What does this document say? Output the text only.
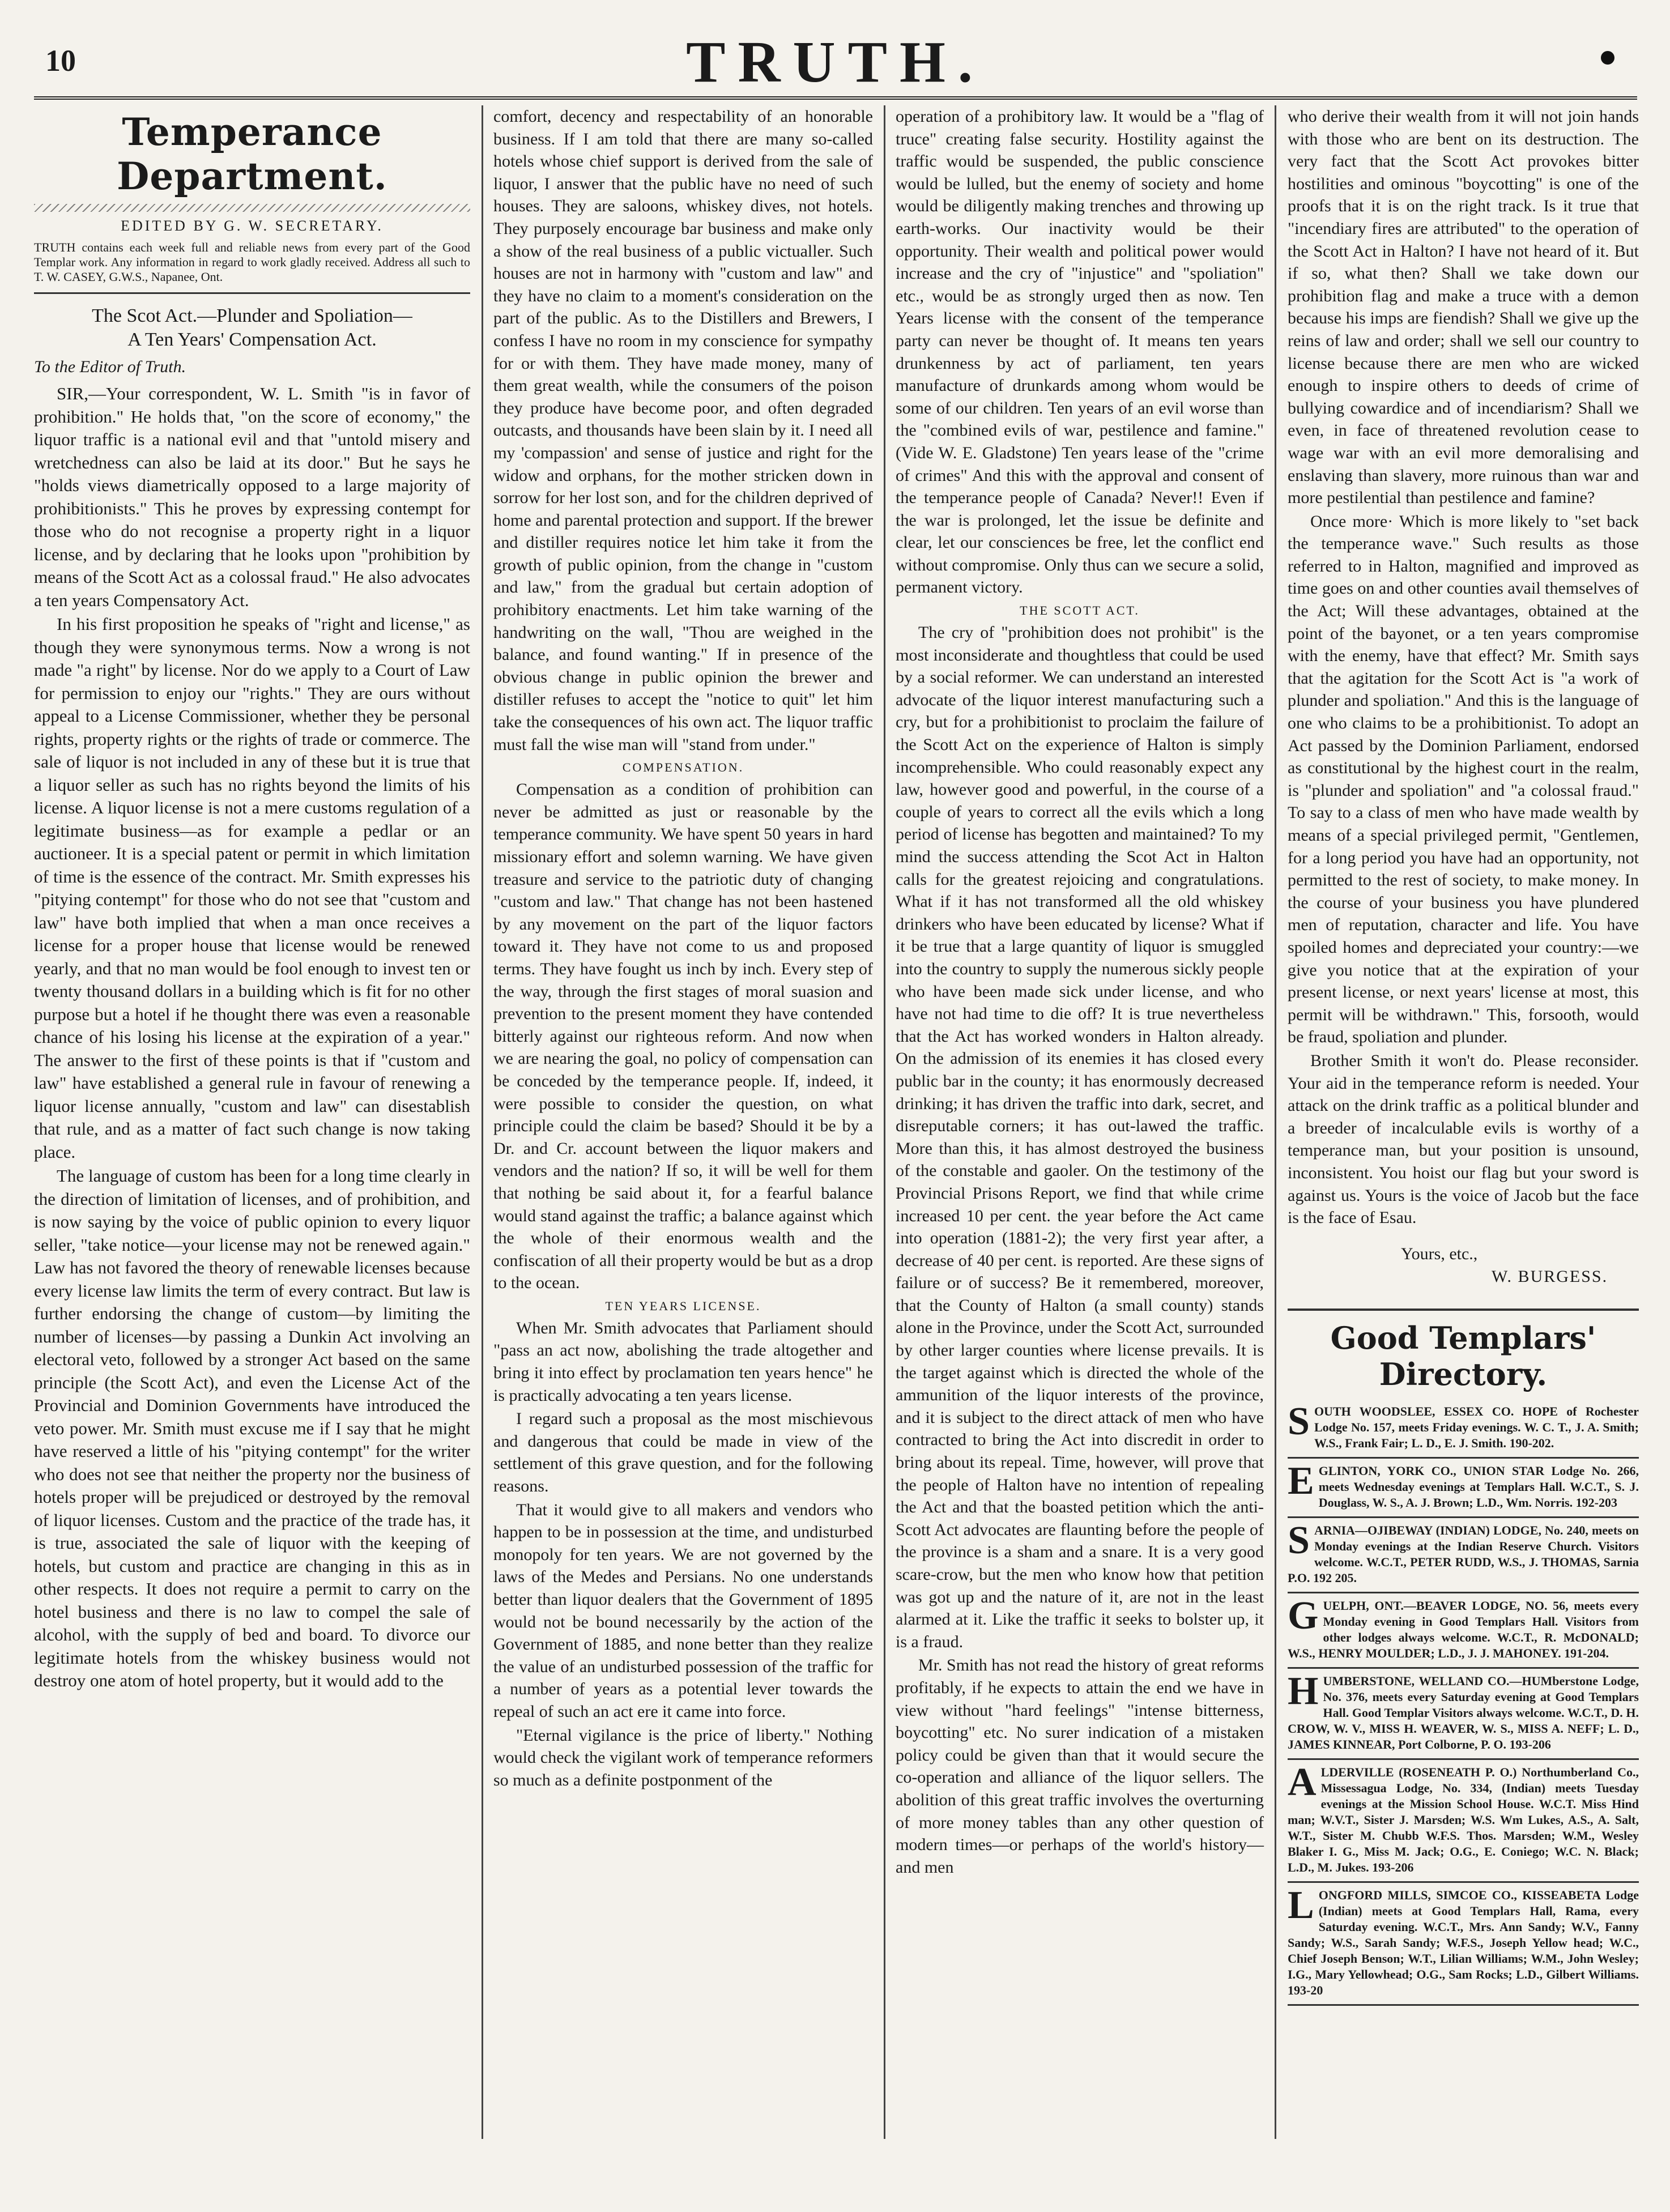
10	TRUTH.
Temperance Department.
EDITED BY G. W. SECRETARY.
TRUTH contains each week full and reliable news from every part of the Good Templar work. Any information in regard to work gladly received. Address all such to T. W. CASEY, G.W.S., Napanee, Ont.
The Scot Act.—Plunder and Spoliation—
A Ten Years' Compensation Act.
To the Editor of Truth.

SIR,—Your correspondent, W. L. Smith "is in favor of prohibition." He holds that, "on the score of economy," the liquor traffic is a national evil and that "untold misery and wretchedness can also be laid at its door." But he says he "holds views diametrically opposed to a large majority of prohibitionists." This he proves by expressing contempt for those who do not recognise a property right in a liquor license, and by declaring that he looks upon "prohibition by means of the Scott Act as a colossal fraud." He also advocates a ten years Compensatory Act.

In his first proposition he speaks of "right and license," as though they were synonymous terms. Now a wrong is not made "a right" by license. Nor do we apply to a Court of Law for permission to enjoy our "rights." They are ours without appeal to a License Commissioner, whether they be personal rights, property rights or the rights of trade or commerce. The sale of liquor is not included in any of these but it is true that a liquor seller as such has no rights beyond the limits of his license. A liquor license is not a mere customs regulation of a legitimate business—as for example a pedlar or an auctioneer. It is a special patent or permit in which limitation of time is the essence of the contract. Mr. Smith expresses his "pitying contempt" for those who do not see that "custom and law" have both implied that when a man once receives a license for a proper house that license would be renewed yearly, and that no man would be fool enough to invest ten or twenty thousand dollars in a building which is fit for no other purpose but a hotel if he thought there was even a reasonable chance of his losing his license at the expiration of a year." The answer to the first of these points is that if "custom and law" have established a general rule in favour of renewing a liquor license annually, "custom and law" can disestablish that rule, and as a matter of fact such change is now taking place.

The language of custom has been for a long time clearly in the direction of limitation of licenses, and of prohibition, and is now saying by the voice of public opinion to every liquor seller, "take notice—your license may not be renewed again." Law has not favored the theory of renewable licenses because every license law limits the term of every contract. But law is further endorsing the change of custom—by limiting the number of licenses—by passing a Dunkin Act involving an electoral veto, followed by a stronger Act based on the same principle (the Scott Act), and even the License Act of the Provincial and Dominion Governments have introduced the veto power. Mr. Smith must excuse me if I say that he might have reserved a little of his "pitying contempt" for the writer who does not see that neither the property nor the business of hotels proper will be prejudiced or destroyed by the removal of liquor licenses. Custom and the practice of the trade has, it is true, associated the sale of liquor with the keeping of hotels, but custom and practice are changing in this as in other respects. It does not require a permit to carry on the hotel business and there is no law to compel the sale of alcohol, with the supply of bed and board. To divorce our legitimate hotels from the whiskey business would not destroy one atom of hotel property, but it would add to the

comfort, decency and respectability of an honorable business. If I am told that there are many so-called hotels whose chief support is derived from the sale of liquor, I answer that the public have no need of such houses. They are saloons, whiskey dives, not hotels. They purposely encourage bar business and make only a show of the real business of a public victualler. Such houses are not in harmony with "custom and law" and they have no claim to a moment's consideration on the part of the public. As to the Distillers and Brewers, I confess I have no room in my conscience for sympathy for or with them. They have made money, many of them great wealth, while the consumers of the poison they produce have become poor, and often degraded outcasts, and thousands have been slain by it. I need all my 'compassion' and sense of justice and right for the widow and orphans, for the mother stricken down in sorrow for her lost son, and for the children deprived of home and parental protection and support. If the brewer and distiller requires notice let him take it from the growth of public opinion, from the change in "custom and law," from the gradual but certain adoption of prohibitory enactments. Let him take warning of the handwriting on the wall, "Thou are weighed in the balance, and found wanting." If in presence of the obvious change in public opinion the brewer and distiller refuses to accept the "notice to quit" let him take the consequences of his own act. The liquor traffic must fall the wise man will "stand from under."

COMPENSATION.

Compensation as a condition of prohibition can never be admitted as just or reasonable by the temperance community. We have spent 50 years in hard missionary effort and solemn warning. We have given treasure and service to the patriotic duty of changing "custom and law." That change has not been hastened by any movement on the part of the liquor factors toward it. They have not come to us and proposed terms. They have fought us inch by inch. Every step of the way, through the first stages of moral suasion and prevention to the present moment they have contended bitterly against our righteous reform. And now when we are nearing the goal, no policy of compensation can be conceded by the temperance people. If, indeed, it were possible to consider the question, on what principle could the claim be based? Should it be by a Dr. and Cr. account between the liquor makers and vendors and the nation? If so, it will be well for them that nothing be said about it, for a fearful balance would stand against the traffic; a balance against which the whole of their enormous wealth and the confiscation of all their property would be but as a drop to the ocean.

TEN YEARS LICENSE.

When Mr. Smith advocates that Parliament should "pass an act now, abolishing the trade altogether and bring it into effect by proclamation ten years hence" he is practically advocating a ten years license.

I regard such a proposal as the most mischievous and dangerous that could be made in view of the settlement of this grave question, and for the following reasons.

That it would give to all makers and vendors who happen to be in possession at the time, and undisturbed monopoly for ten years. We are not governed by the laws of the Medes and Persians. No one understands better than liquor dealers that the Government of 1895 would not be bound necessarily by the action of the Government of 1885, and none better than they realize the value of an undisturbed possession of the traffic for a number of years as a potential lever towards the repeal of such an act ere it came into force.

"Eternal vigilance is the price of liberty." Nothing would check the vigilant work of temperance reformers so much as a definite postponment of the

operation of a prohibitory law. It would be a "flag of truce" creating false security. Hostility against the traffic would be suspended, the public conscience would be lulled, but the enemy of society and home would be diligently making trenches and throwing up earth-works. Our inactivity would be their opportunity. Their wealth and political power would increase and the cry of "injustice" and "spoliation" etc., would be as strongly urged then as now. Ten Years license with the consent of the temperance party can never be thought of. It means ten years drunkenness by act of parliament, ten years manufacture of drunkards among whom would be some of our children. Ten years of an evil worse than the "combined evils of war, pestilence and famine." (Vide W. E. Gladstone) Ten years lease of the "crime of crimes" And this with the approval and consent of the temperance people of Canada? Never!! Even if the war is prolonged, let the issue be definite and clear, let our consciences be free, let the conflict end without compromise. Only thus can we secure a solid, permanent victory.

THE SCOTT ACT.

The cry of "prohibition does not prohibit" is the most inconsiderate and thoughtless that could be used by a social reformer. We can understand an interested advocate of the liquor interest manufacturing such a cry, but for a prohibitionist to proclaim the failure of the Scott Act on the experience of Halton is simply incomprehensible. Who could reasonably expect any law, however good and powerful, in the course of a couple of years to correct all the evils which a long period of license has begotten and maintained? To my mind the success attending the Scot Act in Halton calls for the greatest rejoicing and congratulations. What if it has not transformed all the old whiskey drinkers who have been educated by license? What if it be true that a large quantity of liquor is smuggled into the country to supply the numerous sickly people who have been made sick under license, and who have not had time to die off? It is true nevertheless that the Act has worked wonders in Halton already. On the admission of its enemies it has closed every public bar in the county; it has enormously decreased drinking; it has driven the traffic into dark, secret, and disreputable corners; it has out-lawed the traffic. More than this, it has almost destroyed the business of the constable and gaoler. On the testimony of the Provincial Prisons Report, we find that while crime increased 10 per cent. the year before the Act came into operation (1881-2); the very first year after, a decrease of 40 per cent. is reported. Are these signs of failure or of success? Be it remembered, moreover, that the County of Halton (a small county) stands alone in the Province, under the Scott Act, surrounded by other larger counties where license prevails. It is the target against which is directed the whole of the ammunition of the liquor interests of the province, and it is subject to the direct attack of men who have contracted to bring the Act into discredit in order to bring about its repeal. Time, however, will prove that the people of Halton have no intention of repealing the Act and that the boasted petition which the anti-Scott Act advocates are flaunting before the people of the province is a sham and a snare. It is a very good scare-crow, but the men who know how that petition was got up and the nature of it, are not in the least alarmed at it. Like the traffic it seeks to bolster up, it is a fraud.

Mr. Smith has not read the history of great reforms profitably, if he expects to attain the end we have in view without "hard feelings" "intense bitterness, boycotting" etc. No surer indication of a mistaken policy could be given than that it would secure the co-operation and alliance of the liquor sellers. The abolition of this great traffic involves the overturning of more money tables than any other question of modern times—or perhaps of the world's history—and men

who derive their wealth from it will not join hands with those who are bent on its destruction. The very fact that the Scott Act provokes bitter hostilities and ominous "boycotting" is one of the proofs that it is on the right track. Is it true that "incendiary fires are attributed" to the operation of the Scott Act in Halton? I have not heard of it. But if so, what then? Shall we take down our prohibition flag and make a truce with a demon because his imps are fiendish? Shall we give up the reins of law and order; shall we sell our country to license because there are men who are wicked enough to inspire others to deeds of crime of bullying cowardice and of incendiarism? Shall we even, in face of threatened revolution cease to wage war with an evil more demoralising and enslaving than slavery, more ruinous than war and more pestilential than pestilence and famine?

Once more· Which is more likely to "set back the temperance wave." Such results as those referred to in Halton, magnified and improved as time goes on and other counties avail themselves of the Act; Will these advantages, obtained at the point of the bayonet, or a ten years compromise with the enemy, have that effect? Mr. Smith says that the agitation for the Scott Act is "a work of plunder and spoliation." And this is the language of one who claims to be a prohibitionist. To adopt an Act passed by the Dominion Parliament, endorsed as constitutional by the highest court in the realm, is "plunder and spoliation" and "a colossal fraud." To say to a class of men who have made wealth by means of a special privileged permit, "Gentlemen, for a long period you have had an opportunity, not permitted to the rest of society, to make money. In the course of your business you have plundered men of reputation, character and life. You have spoiled homes and depreciated your country:—we give you notice that at the expiration of your present license, or next years' license at most, this permit will be withdrawn." This, forsooth, would be fraud, spoliation and plunder.

Brother Smith it won't do. Please reconsider. Your aid in the temperance reform is needed. Your attack on the drink traffic as a political blunder and a breeder of incalculable evils is worthy of a temperance man, but your position is unsound, inconsistent. You hoist our flag but your sword is against us. Yours is the voice of Jacob but the face is the face of Esau.

Yours, etc.,
W. BURGESS.
Good Templars' Directory.

SOUTH WOODSLEE, ESSEX CO. HOPE of Rochester Lodge No. 157, meets Friday evenings. W. C. T., J. A. Smith; W.S., Frank Fair; L. D., E. J. Smith. 190-202.

EGLINTON, YORK CO., UNION STAR Lodge No. 266, meets Wednesday evenings at Templars Hall. W.C.T., S. J. Douglass, W. S., A. J. Brown; L.D., Wm. Norris. 192-203

SARNIA—OJIBEWAY (INDIAN) LODGE, No. 240, meets on Monday evenings at the Indian Reserve Church. Visitors welcome. W.C.T., PETER RUDD, W.S., J. THOMAS, Sarnia P.O. 192 205.

GUELPH, ONT.—BEAVER LODGE, NO. 56, meets every Monday evening in Good Templars Hall. Visitors from other lodges always welcome. W.C.T., R. McDONALD; W.S., HENRY MOULDER; L.D., J. J. MAHONEY. 191-204.

HUMBERSTONE, WELLAND CO.—HUMberstone Lodge, No. 376, meets every Saturday evening at Good Templars Hall. Good Templar Visitors always welcome. W.C.T., D. H. CROW, W. V., MISS H. WEAVER, W. S., MISS A. NEFF; L. D., JAMES KINNEAR, Port Colborne, P. O. 193-206

ALDERVILLE (ROSENEATH P. O.) Northumberland Co., Missessagua Lodge, No. 334, (Indian) meets Tuesday evenings at the Mission School House. W.C.T. Miss Hind man; W.V.T., Sister J. Marsden; W.S. Wm Lukes, A.S., A. Salt, W.T., Sister M. Chubb W.F.S. Thos. Marsden; W.M., Wesley Blaker I. G., Miss M. Jack; O.G., E. Coniego; W.C. N. Black; L.D., M. Jukes. 193-206

LONGFORD MILLS, SIMCOE CO., KISSEABETA Lodge (Indian) meets at Good Templars Hall, Rama, every Saturday evening. W.C.T., Mrs. Ann Sandy; W.V., Fanny Sandy; W.S., Sarah Sandy; W.F.S., Joseph Yellow head; W.C., Chief Joseph Benson; W.T., Lilian Williams; W.M., John Wesley; I.G., Mary Yellowhead; O.G., Sam Rocks; L.D., Gilbert Williams. 193-20
